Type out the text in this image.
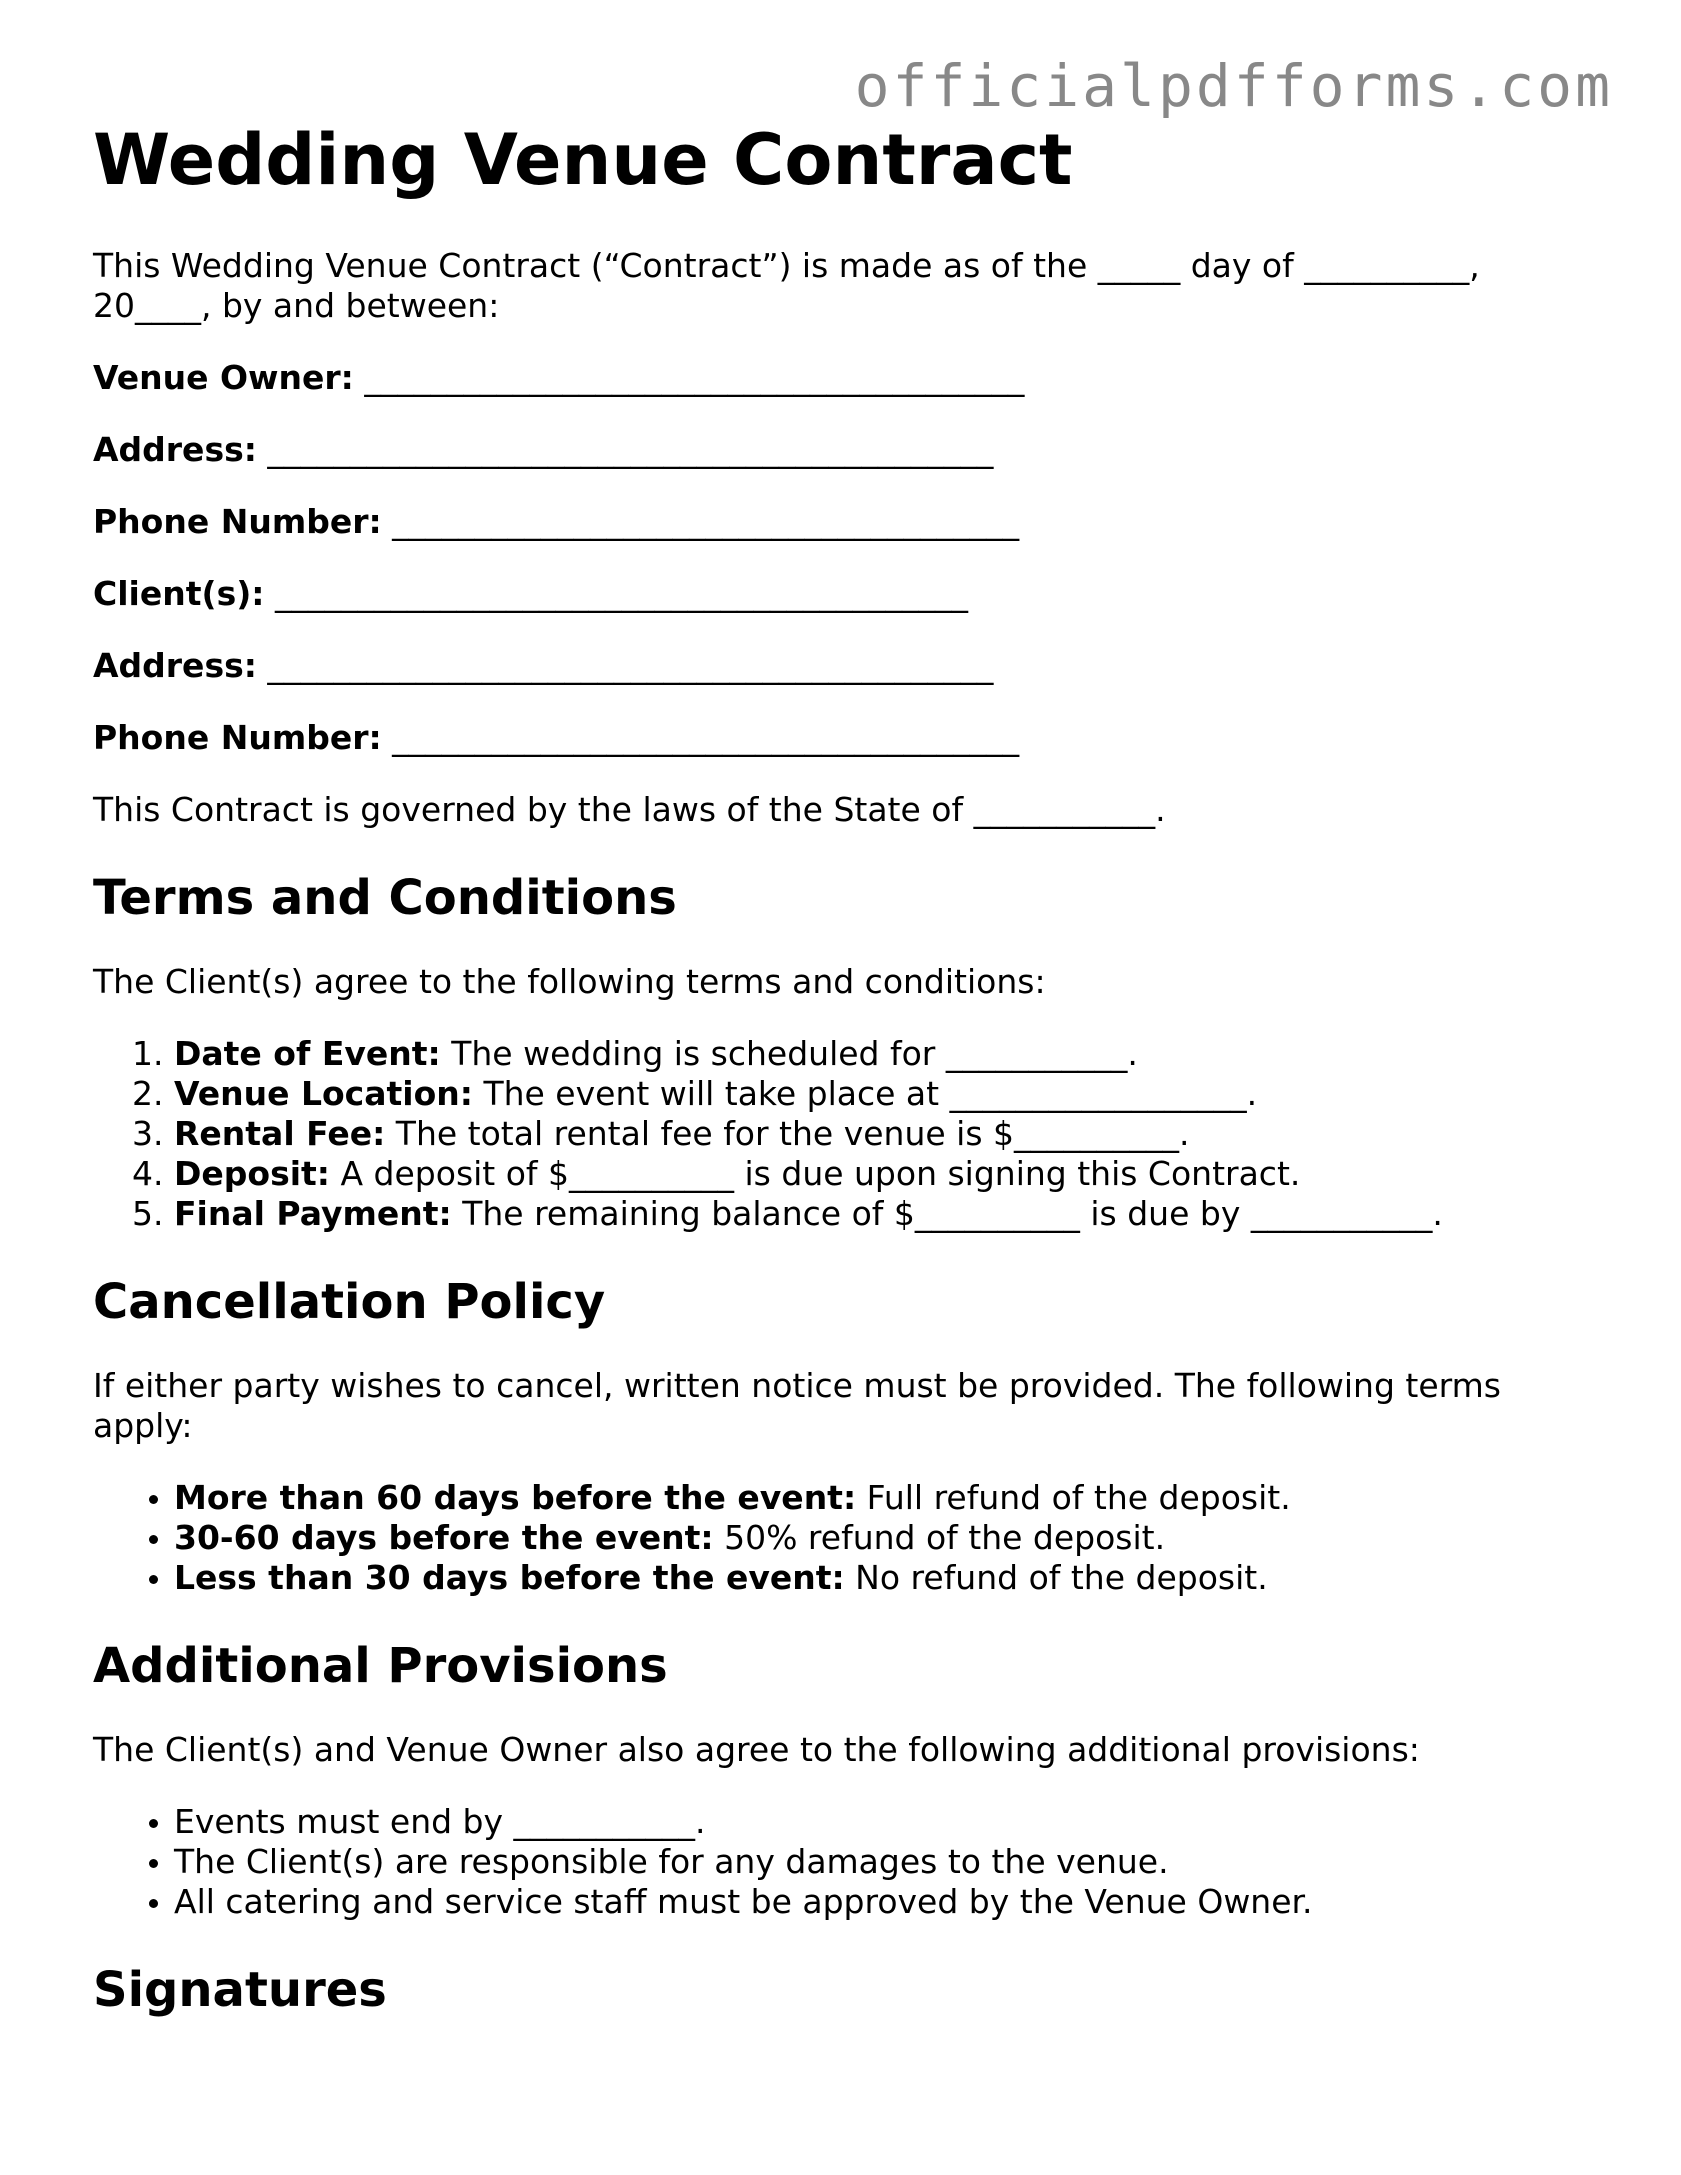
officialpdfforms.com
Wedding Venue Contract

This Wedding Venue Contract (“Contract”) is made as of the _____ day of __________, 20____, by and between:

Venue Owner: ________________________________________
Address: ____________________________________________
Phone Number: ______________________________________
Client(s): __________________________________________
Address: ____________________________________________
Phone Number: ______________________________________

This Contract is governed by the laws of the State of ___________.

Terms and Conditions

The Client(s) agree to the following terms and conditions:

1. Date of Event: The wedding is scheduled for ___________.
2. Venue Location: The event will take place at __________________.
3. Rental Fee: The total rental fee for the venue is $__________.
4. Deposit: A deposit of $__________ is due upon signing this Contract.
5. Final Payment: The remaining balance of $__________ is due by ___________.
Cancellation Policy

If either party wishes to cancel, written notice must be provided. The following terms apply:

• More than 60 days before the event: Full refund of the deposit.
• 30-60 days before the event: 50% refund of the deposit.
• Less than 30 days before the event: No refund of the deposit.
Additional Provisions

The Client(s) and Venue Owner also agree to the following additional provisions:

• Events must end by ___________.
• The Client(s) are responsible for any damages to the venue.
• All catering and service staff must be approved by the Venue Owner.
Signatures
